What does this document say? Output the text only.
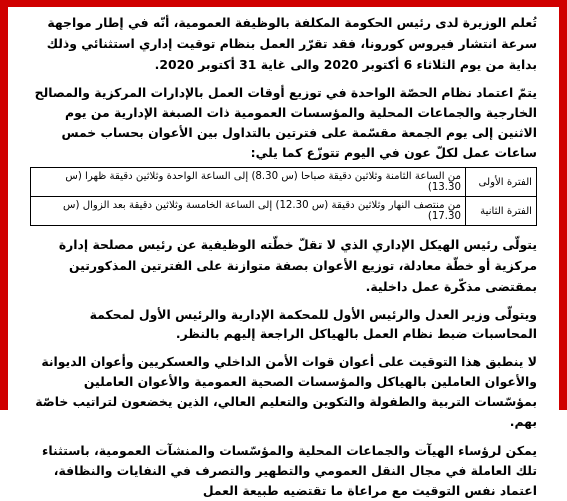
تُعلم الوزيرة لدى رئيس الحكومة المكلفة بالوظيفة العمومية، أنّه في إطار مواجهة سرعة انتشار فيروس كورونا، فقد تقرّر العمل بنظام توقيت إداري استثنائي وذلك بداية من يوم الثلاثاء 6 أكتوبر 2020 والى غاية 31 أكتوبر 2020.

يتمّ اعتماد نظام الحصّة الواحدة في توزيع أوقات العمل بالإدارات المركزية والمصالح الخارجية والجماعات المحلية والمؤسسات العمومية ذات الصبغة الإدارية من يوم الاثنين إلى يوم الجمعة مقسّمة على فترتين بالتداول بين الأعوان بحساب خمس ساعات عمل لكلّ عون في اليوم تتوزّع كما يلي:

الفترة الأولى	من الساعة الثامنة وثلاثين دقيقة صباحا (س 8.30) إلى الساعة الواحدة وثلاثين دقيقة ظهرا (س 13.30)
الفترة الثانية	من منتصف النهار وثلاثين دقيقة (س 12.30) إلى الساعة الخامسة وثلاثين دقيقة بعد الزوال (س 17.30)

يتولّى رئيس الهيكل الإداري الذي لا تقلّ خطّته الوظيفية عن رئيس مصلحة إدارة مركزية أو خطّة معادلة، توزيع الأعوان بصفة متوازنة على الفترتين المذكورتين بمقتضى مذكّرة عمل داخلية.

ويتولّى وزير العدل والرئيس الأول للمحكمة الإدارية والرئيس الأول لمحكمة المحاسبات ضبط نظام العمل بالهياكل الراجعة إليهم بالنظر.

لا ينطبق هذا التوقيت على أعوان قوات الأمن الداخلي والعسكريين وأعوان الديوانة والأعوان العاملين بالهياكل والمؤسسات الصحية العمومية والأعوان العاملين بمؤسّسات التربية والطفولة والتكوين والتعليم العالي، الذين يخضعون لتراتيب خاصّة بهم.

يمكن لرؤساء الهيآت والجماعات المحلية والمؤسّسات والمنشآت العمومية، باستثناء تلك العاملة في مجال النقل العمومي والتطهير والتصرف في النفايات والنظافة، اعتماد نفس التوقيت مع مراعاة ما تقتضيه طبيعة العمل
